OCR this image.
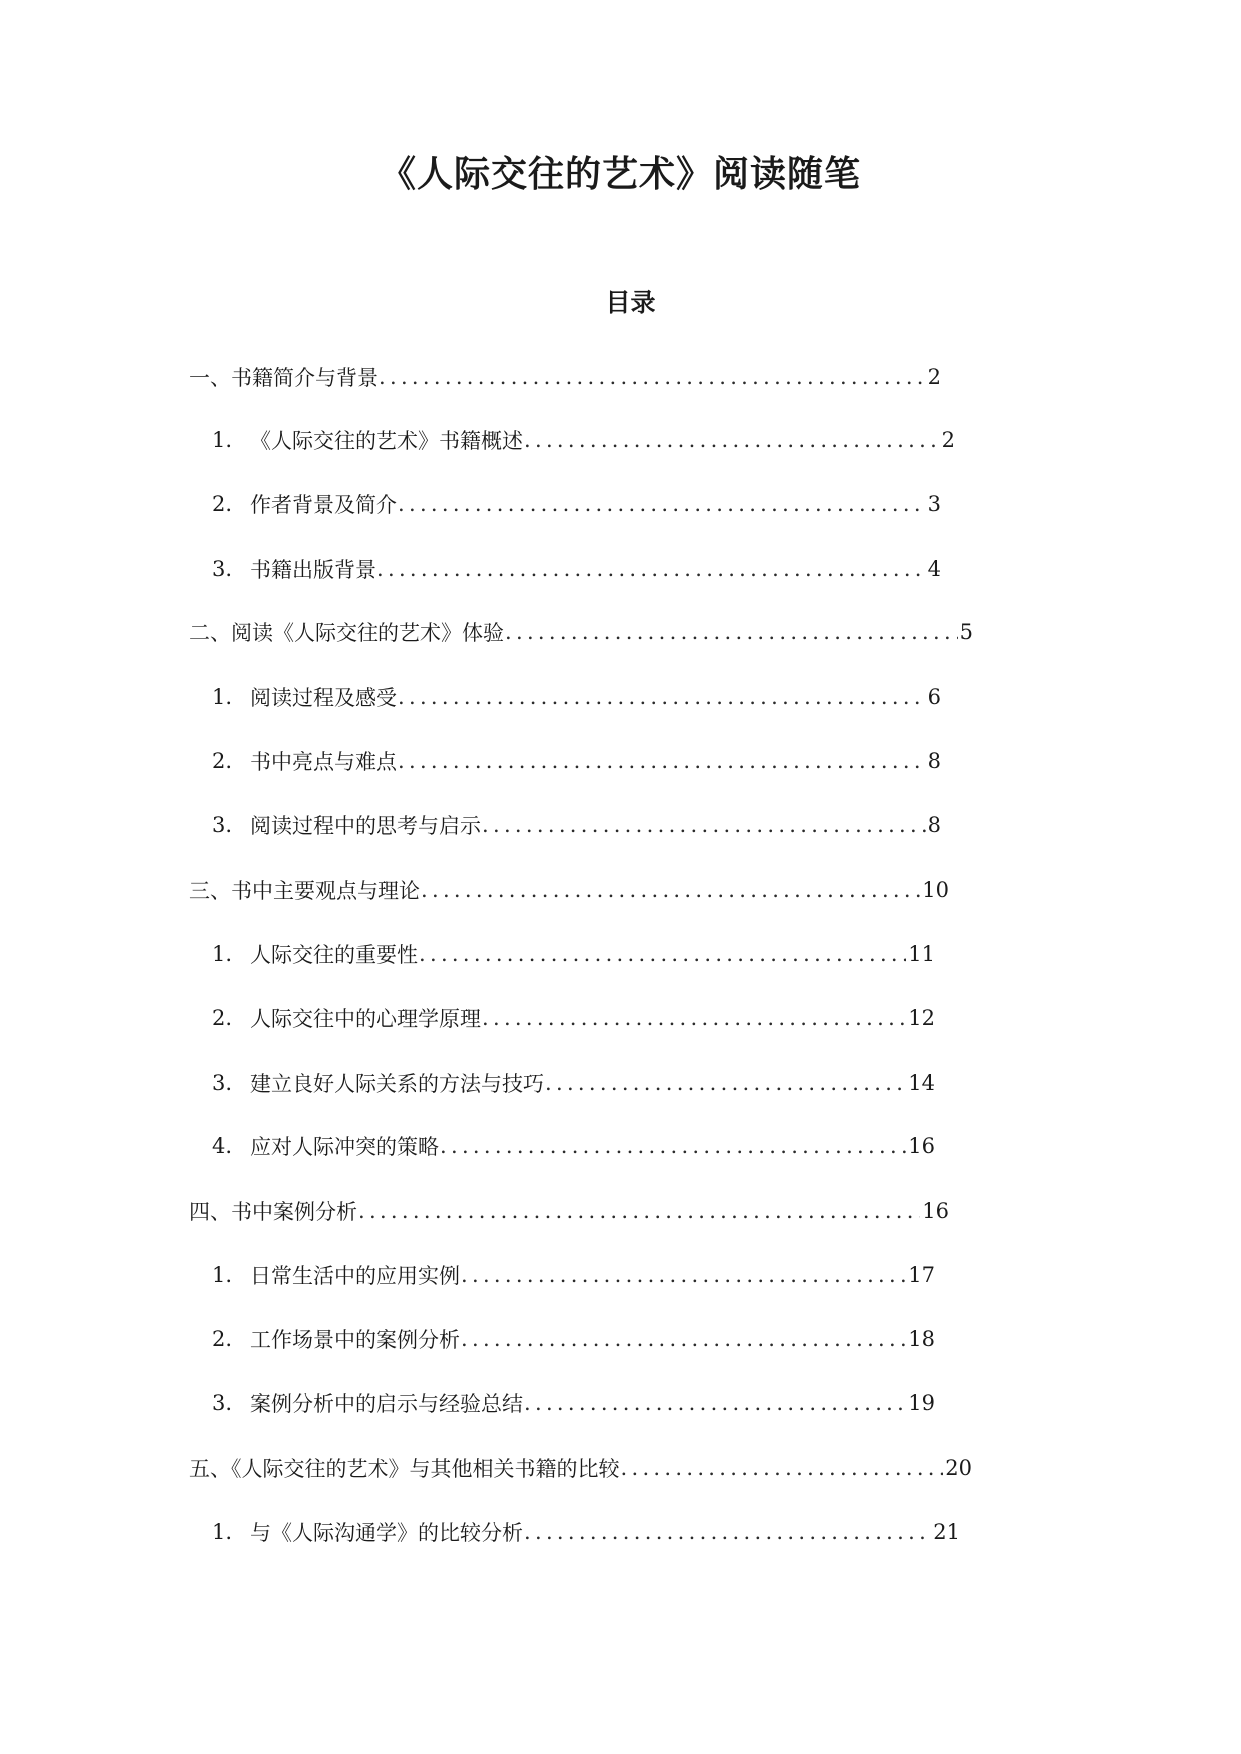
《人际交往的艺术》阅读随笔
目录
一、书籍简介与背景 .....	2
1. 《人际交往的艺术》书籍概述 .....	2
2. 作者背景及简介 .....	3
3. 书籍出版背景 .....	4
二、阅读《人际交往的艺术》体验 .....	5
1. 阅读过程及感受 .....	6
2. 书中亮点与难点 .....	8
3. 阅读过程中的思考与启示 .....	8
三、书中主要观点与理论 .....	10
1. 人际交往的重要性 .....	11
2. 人际交往中的心理学原理 .....	12
3. 建立良好人际关系的方法与技巧 .....	14
4. 应对人际冲突的策略 .....	16
四、书中案例分析 .....	16
1. 日常生活中的应用实例 .....	17
2. 工作场景中的案例分析 .....	18
3. 案例分析中的启示与经验总结 .....	19
五、《人际交往的艺术》与其他相关书籍的比较 .....	20
1. 与《人际沟通学》的比较分析 .....	21
